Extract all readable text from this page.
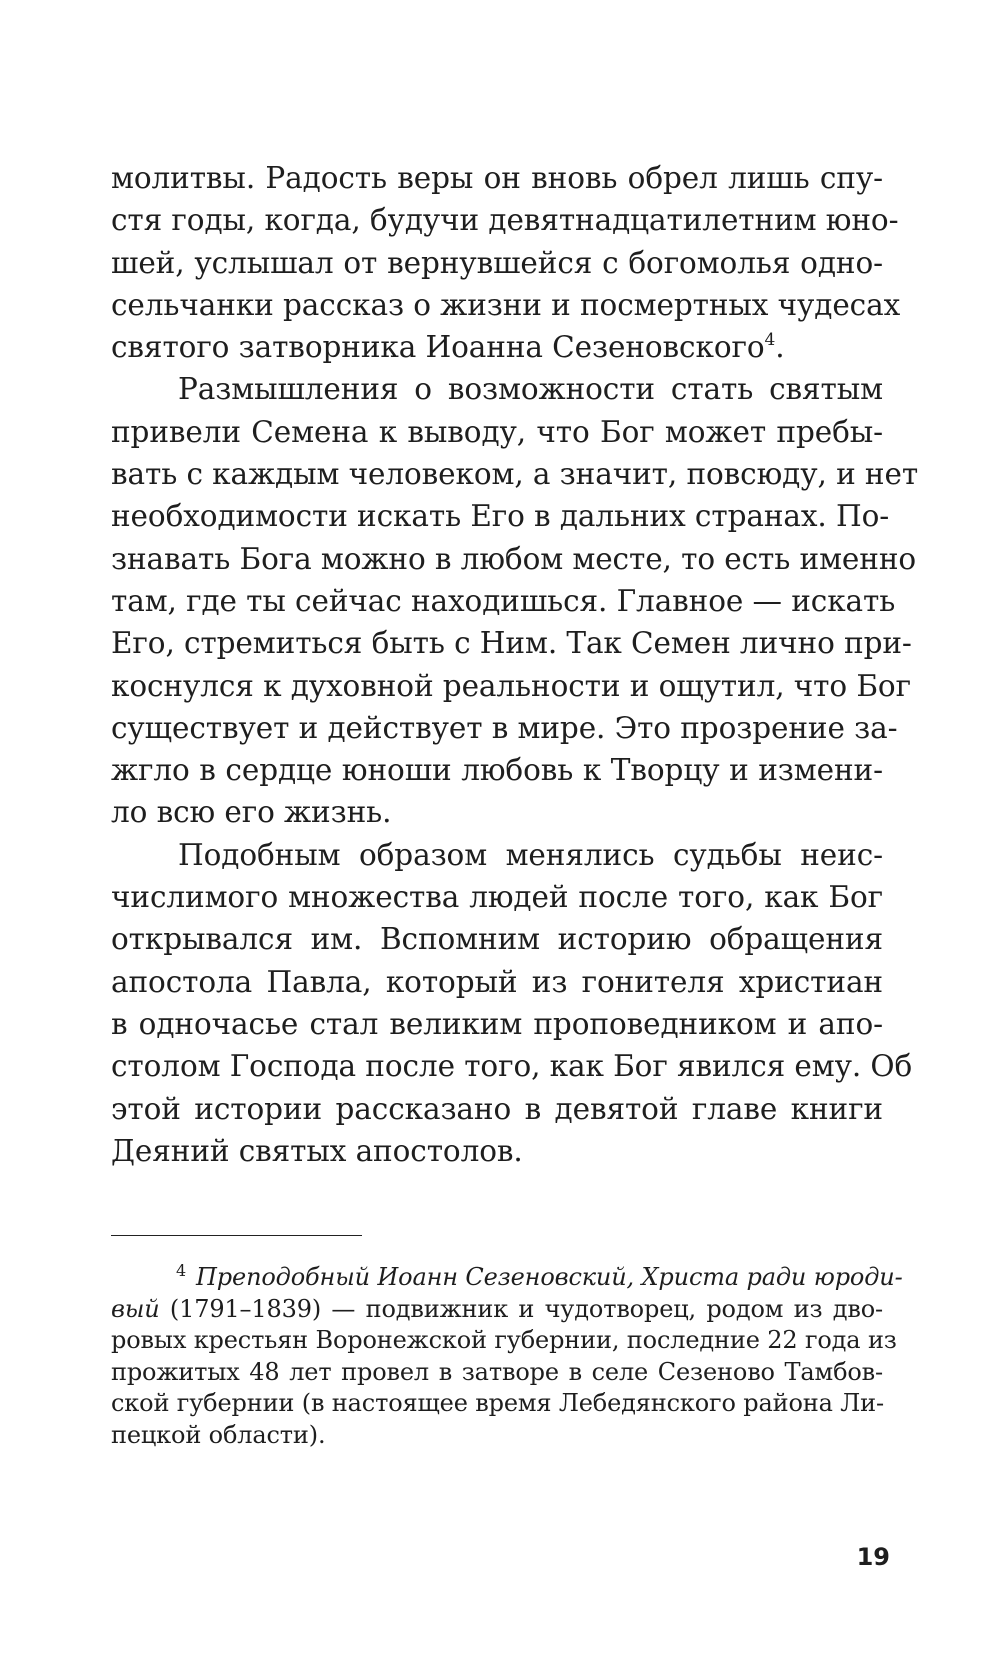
молитвы. Радость веры он вновь обрел лишь спу-
стя годы, когда, будучи девятнадцатилетним юно-
шей, услышал от вернувшейся с богомолья одно-
сельчанки рассказ о жизни и посмертных чудесах
святого затворника Иоанна Сезеновского$^4$.
Размышления о возможности стать святым
привели Семена к выводу, что Бог может пребы-
вать с каждым человеком, а значит, повсюду, и нет
необходимости искать Его в дальних странах. По-
знавать Бога можно в любом месте, то есть именно
там, где ты сейчас находишься. Главное — искать
Его, стремиться быть с Ним. Так Семен лично при-
коснулся к духовной реальности и ощутил, что Бог
существует и действует в мире. Это прозрение за-
жгло в сердце юноши любовь к Творцу и измени-
ло всю его жизнь.
Подобным образом менялись судьбы неис-
числимого множества людей после того, как Бог
открывался им. Вспомним историю обращения
апостола Павла, который из гонителя христиан
в одночасье стал великим проповедником и апо-
столом Господа после того, как Бог явился ему. Об
этой истории рассказано в девятой главе книги
Деяний святых апостолов.
$^4$ Преподобный Иоанн Сезеновский, Христа ради юроди-
вый (1791–1839) — подвижник и чудотворец, родом из дво-
ровых крестьян Воронежской губернии, последние 22 года из
прожитых 48 лет провел в затворе в селе Сезеново Тамбов-
ской губернии (в настоящее время Лебедянского района Ли-
пецкой области).
19
